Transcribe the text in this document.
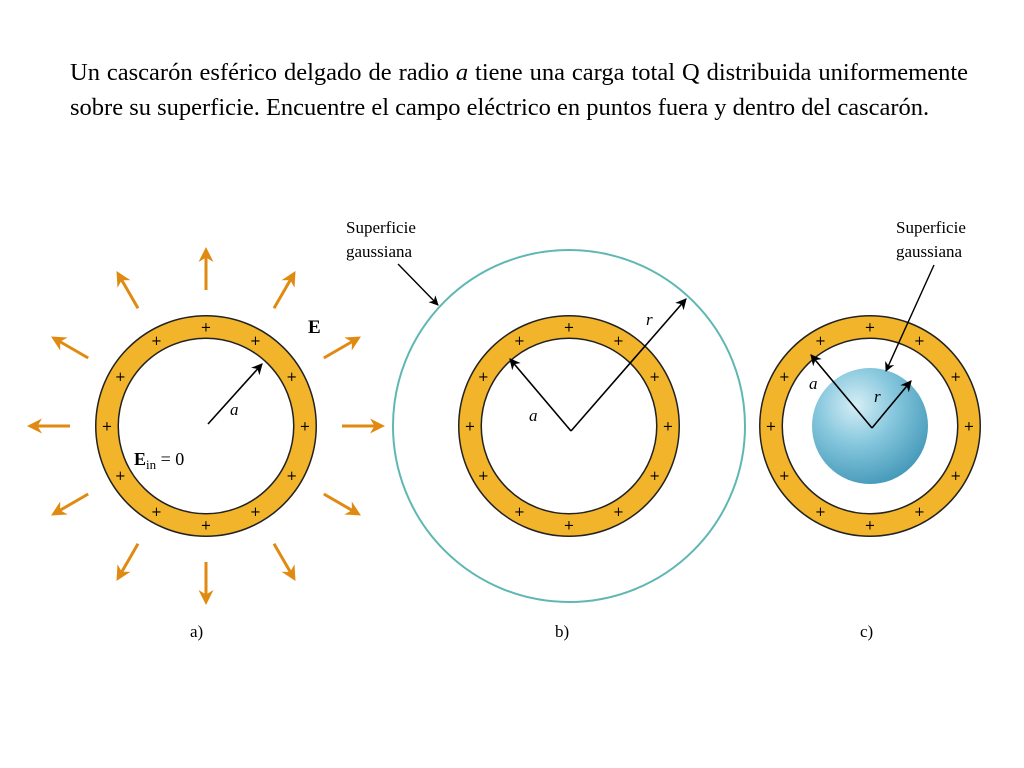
Un cascarón esférico delgado de radio a tiene una carga total Q distribuida uniformemente sobre su superficie. Encuentre el campo eléctrico en puntos fuera y dentro del cascarón.

+
+
+
+
+
+
+
+
+
+
+
+
a
E
$E_{in} = 0$
a)
+
+
+
+
+
+
+
+
+
+
+
+
a
r
Superficie
gaussiana
b)
+
+
+
+
+
+
+
+
+
+
+
+
a
r
Superficie
gaussiana
c)
